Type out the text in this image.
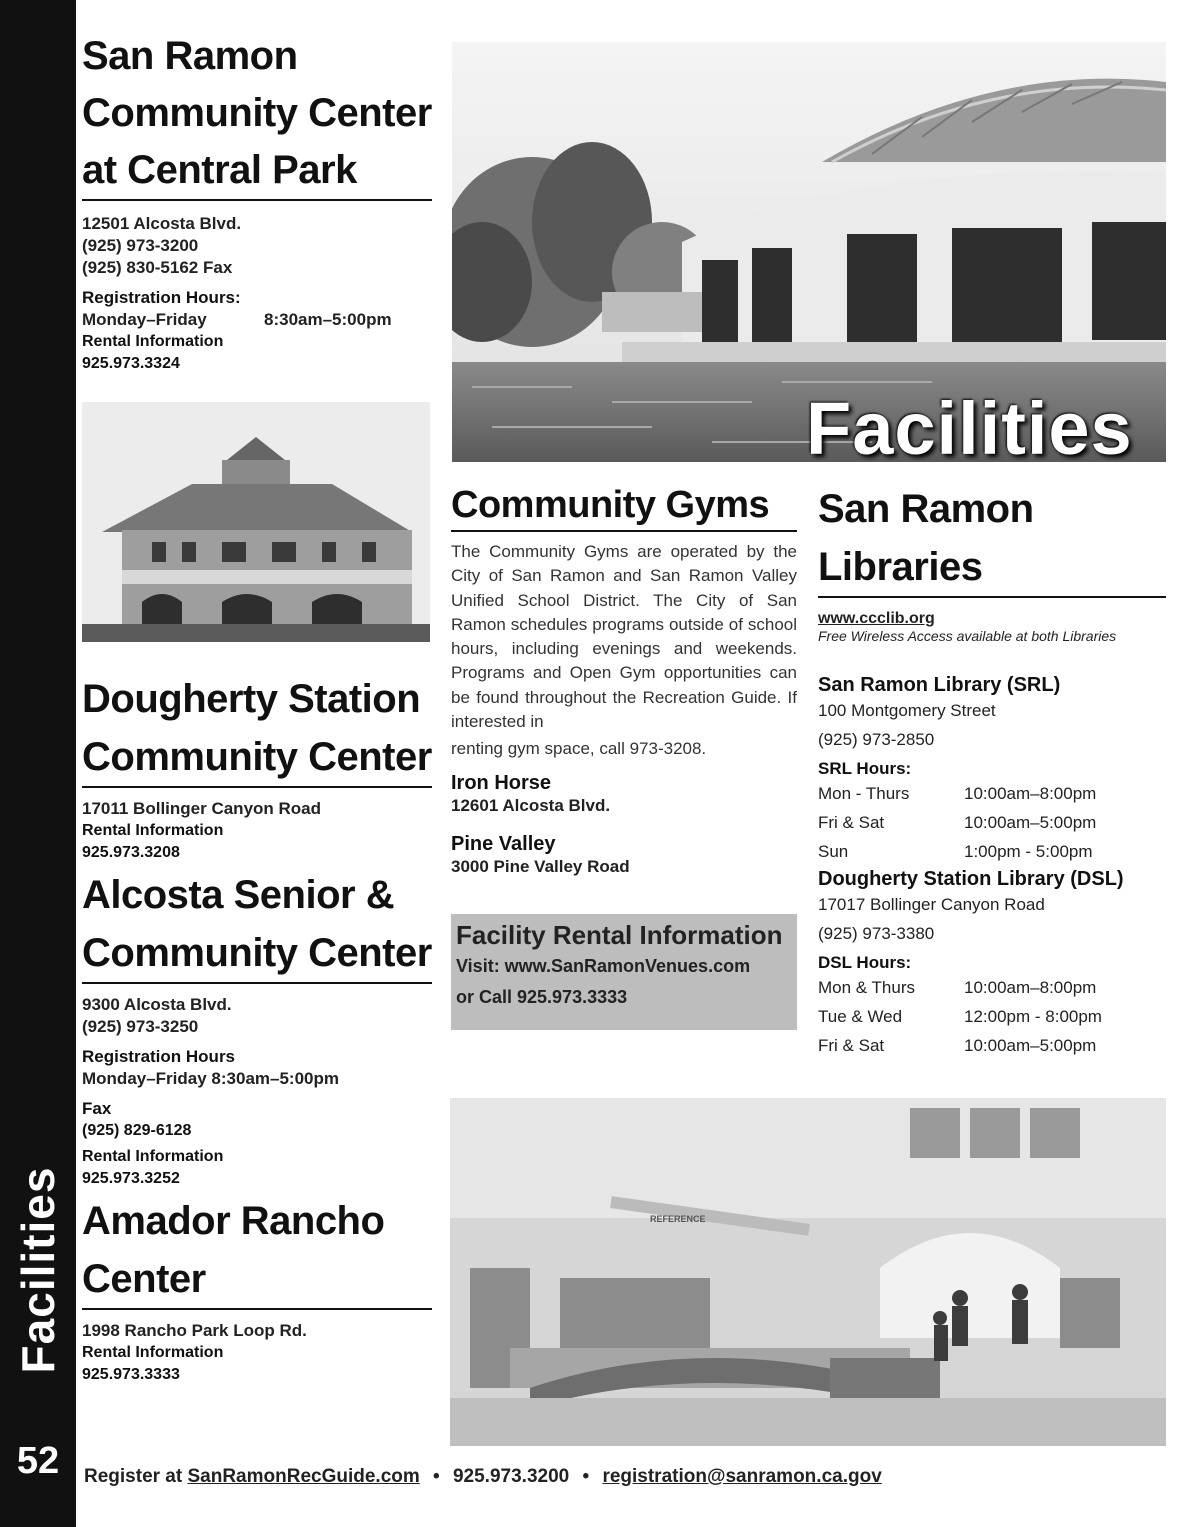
Facilities
52
San Ramon
Community Center
at Central Park
12501 Alcosta Blvd.
(925) 973-3200
(925) 830-5162 Fax
Registration Hours:
Monday–Friday	8:30am–5:00pm
Rental Information
925.973.3324
Facilities
Dougherty Station
Community Center
17011 Bollinger Canyon Road
Rental Information
925.973.3208
Alcosta Senior &
Community Center
9300 Alcosta Blvd.
(925) 973-3250
Registration Hours
Monday–Friday 8:30am–5:00pm
Fax
(925) 829-6128
Rental Information
925.973.3252
Amador Rancho
Center
1998 Rancho Park Loop Rd.
Rental Information
925.973.3333
Community Gyms
The Community Gyms are operated by the City of San Ramon and San Ramon Valley Unified School District. The City of San Ramon schedules programs outside of school hours, including evenings and weekends. Programs and Open Gym opportunities can be found throughout the Recreation Guide. If interested in
renting gym space, call 973-3208.
Iron Horse
12601 Alcosta Blvd.
Pine Valley
3000 Pine Valley Road
Facility Rental Information
Visit: www.SanRamonVenues.com
or Call 925.973.3333
San Ramon
Libraries
www.ccclib.org
Free Wireless Access available at both Libraries
San Ramon Library (SRL)
100 Montgomery Street
(925) 973-2850
SRL Hours:
Mon - Thurs	10:00am–8:00pm
Fri & Sat	10:00am–5:00pm
Sun	1:00pm - 5:00pm
Dougherty Station Library (DSL)
17017 Bollinger Canyon Road
(925) 973-3380
DSL Hours:
Mon & Thurs	10:00am–8:00pm
Tue & Wed	12:00pm - 8:00pm
Fri & Sat	10:00am–5:00pm
REFERENCE
Register at SanRamonRecGuide.com • 925.973.3200 • registration@sanramon.ca.gov
